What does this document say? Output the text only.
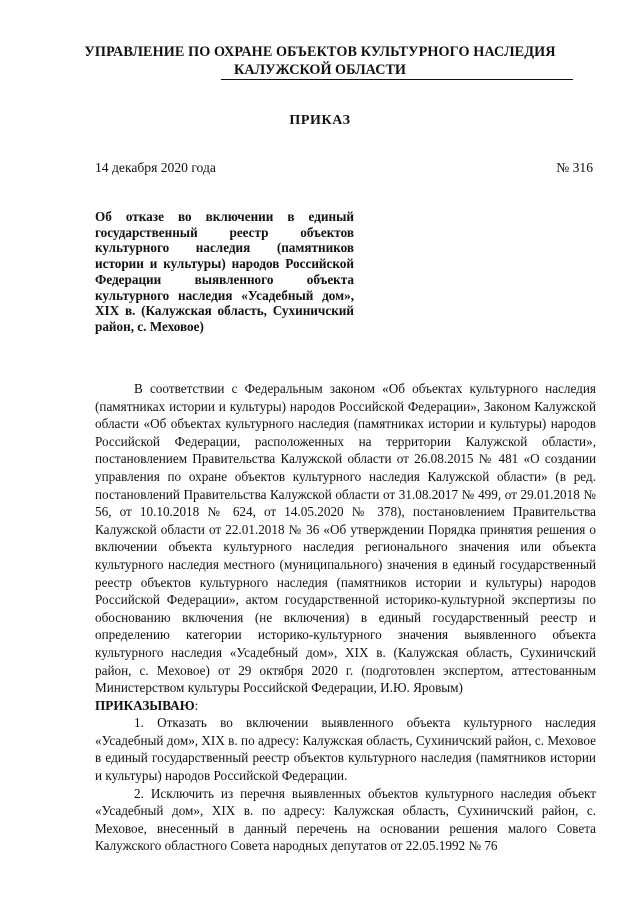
УПРАВЛЕНИЕ ПО ОХРАНЕ ОБЪЕКТОВ КУЛЬТУРНОГО НАСЛЕДИЯ
КАЛУЖСКОЙ ОБЛАСТИ
ПРИКАЗ
14 декабря 2020 года	№ 316
Об отказе во включении в единый государственный реестр объектов культурного наследия (памятников истории и культуры) народов Российской Федерации выявленного объекта культурного наследия «Усадебный дом», XIX в. (Калужская область, Сухиничский район, с. Меховое)

В соответствии с Федеральным законом «Об объектах культурного наследия (памятниках истории и культуры) народов Российской Федерации», Законом Калужской области «Об объектах культурного наследия (памятниках истории и культуры) народов Российской Федерации, расположенных на территории Калужской области», постановлением Правительства Калужской области от 26.08.2015 № 481 «О создании управления по охране объектов культурного наследия Калужской области» (в ред. постановлений Правительства Калужской области от 31.08.2017 № 499, от 29.01.2018 № 56, от 10.10.2018 № 624, от 14.05.2020 № 378), постановлением Правительства Калужской области от 22.01.2018 № 36 «Об утверждении Порядка принятия решения о включении объекта культурного наследия регионального значения или объекта культурного наследия местного (муниципального) значения в единый государственный реестр объектов культурного наследия (памятников истории и культуры) народов Российской Федерации», актом государственной историко-культурной экспертизы по обоснованию включения (не включения) в единый государственный реестр и определению категории историко-культурного значения выявленного объекта культурного наследия «Усадебный дом», XIX в. (Калужская область, Сухиничский район, с. Меховое) от 29 октября 2020 г. (подготовлен экспертом, аттестованным Министерством культуры Российской Федерации, И.Ю. Яровым)

ПРИКАЗЫВАЮ:

1. Отказать во включении выявленного объекта культурного наследия «Усадебный дом», XIX в. по адресу: Калужская область, Сухиничский район, с. Меховое в единый государственный реестр объектов культурного наследия (памятников истории и культуры) народов Российской Федерации.

2. Исключить из перечня выявленных объектов культурного наследия объект «Усадебный дом», XIX в. по адресу: Калужская область, Сухиничский район, с. Меховое, внесенный в данный перечень на основании решения малого Совета Калужского областного Совета народных депутатов от 22.05.1992 № 76
